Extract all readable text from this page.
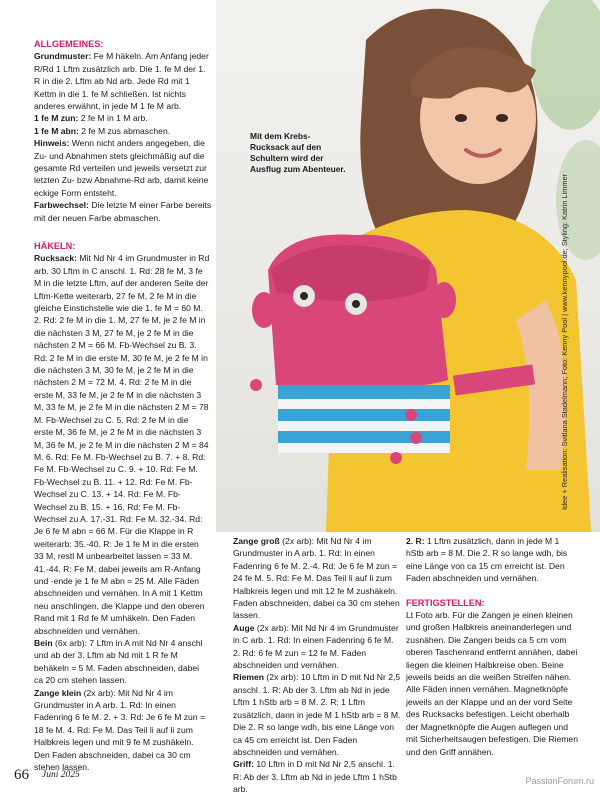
Mit dem Krebs-Rucksack auf den Schultern wird der Ausflug zum Abenteuer.
Idee + Realisation: Svitlana Stadelmann; Foto: Kenny Pool | www.kennypool.de; Styling: Katrin Limmer

ALLGEMEINES:

Grundmuster: Fe M häkeln. Am Anfang jeder R/Rd 1 Lftm zusätzlich arb. Die 1. fe M der 1. R in die 2. Lftm ab Nd arb. Jede Rd mit 1 Kettm in die 1. fe M schließen. Ist nichts anderes erwähnt, in jede M 1 fe M arb.

1 fe M zun: 2 fe M in 1 M arb.

1 fe M abn: 2 fe M zus abmaschen.

Hinweis: Wenn nicht anders angegeben, die Zu- und Abnahmen stets gleichmäßig auf die gesamte Rd verteilen und jeweils versetzt zur letzten Zu- bzw Abnahme-Rd arb, damit keine eckige Form entsteht.

Farbwechsel: Die letzte M einer Farbe bereits mit der neuen Farbe abmaschen.

HÄKELN:

Rucksack: Mit Nd Nr 4 im Grundmuster in Rd arb. 30 Lftm in C anschl. 1. Rd: 28 fe M, 3 fe M in die letzte Lftm, auf der anderen Seite der Lftm-Kette weiterarb, 27 fe M, 2 fe M in die gleiche Einstichstelle wie die 1. fe M = 60 M. 2. Rd: 2 fe M in die 1. M, 27 fe M, je 2 fe M in die nächsten 3 M, 27 fe M, je 2 fe M in die nächsten 2 M = 66 M. Fb-Wechsel zu B. 3. Rd: 2 fe M in die erste M, 30 fe M, je 2 fe M in die nächsten 3 M, 30 fe M, je 2 fe M in die nächsten 2 M = 72 M. 4. Rd: 2 fe M in die erste M, 33 fe M, je 2 fe M in die nächsten 3 M, 33 fe M, je 2 fe M in die nächsten 2 M = 78 M. Fb-Wechsel zu C. 5. Rd: 2 fe M in die erste M, 36 fe M, je 2 fe M in die nächsten 3 M, 36 fe M, je 2 fe M in die nächsten 2 M = 84 M. 6. Rd: Fe M. Fb-Wechsel zu B. 7. + 8. Rd: Fe M. Fb-Wechsel zu C. 9. + 10. Rd: Fe M. Fb-Wechsel zu B. 11. + 12. Rd: Fe M. Fb-Wechsel zu C. 13. + 14. Rd: Fe M. Fb-Wechsel zu B. 15. + 16. Rd: Fe M. Fb-Wechsel zu A. 17.-31. Rd: Fe M. 32.-34. Rd: Je 6 fe M abn = 66 M. Für die Klappe in R weiterarb: 35.-40. R: Je 1 fe M in die ersten 33 M, restl M unbearbeitet lassen = 33 M. 41.-44. R: Fe M, dabei jeweils am R-Anfang und -ende je 1 fe M abn = 25 M. Alle Fäden abschneiden und vernähen. In A mit 1 Kettm neu anschlingen, die Klappe und den oberen Rand mit 1 Rd fe M umhäkeln. Den Faden abschneiden und vernähen.

Bein (6x arb): 7 Lftm in A mit Nd Nr 4 anschl und ab der 3. Lftm ab Nd mit 1 R fe M behäkeln = 5 M. Faden abschneiden, dabei ca 20 cm stehen lassen.

Zange klein (2x arb): Mit Nd Nr 4 im Grundmuster in A arb. 1. Rd: In einen Fadenring 6 fe M. 2. + 3. Rd: Je 6 fe M zun = 18 fe M. 4. Rd: Fe M. Das Teil li auf li zum Halbkreis legen und mit 9 fe M zushäkeln. Den Faden abschneiden, dabei ca 30 cm stehen lassen.

Zange groß (2x arb): Mit Nd Nr 4 im Grundmuster in A arb. 1. Rd: In einen Fadenring 6 fe M. 2.-4. Rd: Je 6 fe M zun = 24 fe M. 5. Rd: Fe M. Das Teil li auf li zum Halbkreis legen und mit 12 fe M zushäkeln. Faden abschneiden, dabei ca 30 cm stehen lassen.

Auge (2x arb): Mit Nd Nr 4 im Grundmuster in C arb. 1. Rd: In einen Fadenring 6 fe M. 2. Rd: 6 fe M zun = 12 fe M. Faden abschneiden und vernähen.

Riemen (2x arb): 10 Lftm in D mit Nd Nr 2,5 anschl. 1. R: Ab der 3. Lftm ab Nd in jede Lftm 1 hStb arb = 8 M. 2. R: 1 Lftm zusätzlich, dann in jede M 1 hStb arb = 8 M. Die 2. R so lange wdh, bis eine Länge von ca 45 cm erreicht ist. Den Faden abschneiden und vernähen.

Griff: 10 Lftm in D mit Nd Nr 2,5 anschl. 1. R: Ab der 3. Lftm ab Nd in jede Lftm 1 hStb arb.

2. R: 1 Lftm zusätzlich, dann in jede M 1 hStb arb = 8 M. Die 2. R so lange wdh, bis eine Länge von ca 15 cm erreicht ist. Den Faden abschneiden und vernähen.

FERTIGSTELLEN:

Lt Foto arb. Für die Zangen je einen kleinen und großen Halbkreis aneinanderlegen und zusnähen. Die Zangen beids ca 5 cm vom oberen Taschenrand entfernt annähen, dabei liegen die kleinen Halbkreise oben. Beine jeweils beids an die weißen Streifen nähen. Alle Fäden innen vernähen. Magnetknöpfe jeweils an der Klappe und an der vord Seite des Rucksacks befestigen. Leicht oberhalb der Magnetknöpfe die Augen auflegen und mit Sicherheitsaugen befestigen. Die Riemen und den Griff annähen.

66 Juni 2025
PassionForum.ru
